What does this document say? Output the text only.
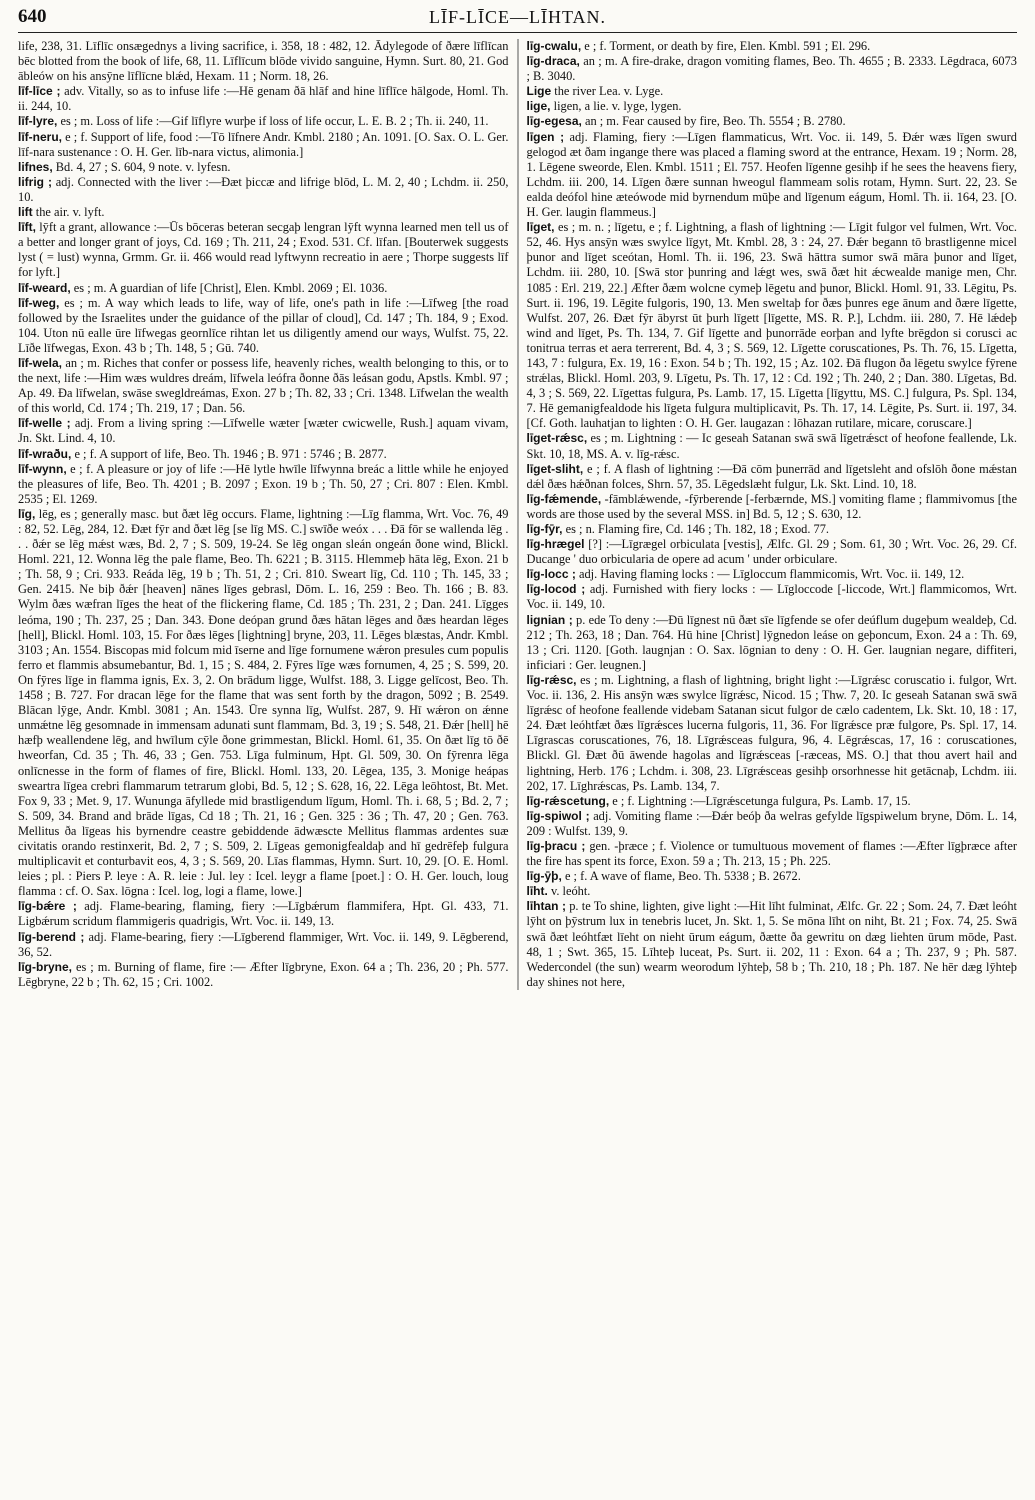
640	LĪF-LĪCE—LĪHTAN.

life, 238, 31. Līflīc onsægednys a living sacrifice, i. 358, 18 : 482, 12. Ādylegode of ðære līflīcan bēc blotted from the book of life, 68, 11. Līflīcum blōde vivido sanguine, Hymn. Surt. 80, 21. God ābleów on his ansȳne līflīcne blǽd, Hexam. 11 ; Norm. 18, 26.

līf-līce ; adv. Vitally, so as to infuse life :—Hē genam ðā hlāf and hine līflīce hālgode, Homl. Th. ii. 244, 10.

līf-lyre, es ; m. Loss of life :—Gif līflyre wurþe if loss of life occur, L. E. B. 2 ; Th. ii. 240, 11.

līf-neru, e ; f. Support of life, food :—Tō līfnere Andr. Kmbl. 2180 ; An. 1091. [O. Sax. O. L. Ger. līf-nara sustenance : O. H. Ger. līb-nara victus, alimonia.]

lifnes, Bd. 4, 27 ; S. 604, 9 note. v. lyfesn.

lifrig ; adj. Connected with the liver :—Ðæt þiccæ and lifrige blōd, L. M. 2, 40 ; Lchdm. ii. 250, 10.

lift the air. v. lyft.

līft, lȳft a grant, allowance :—Ūs bōceras beteran secgaþ lengran lȳft wynna learned men tell us of a better and longer grant of joys, Cd. 169 ; Th. 211, 24 ; Exod. 531. Cf. līfan. [Bouterwek suggests lyst ( = lust) wynna, Grmm. Gr. ii. 466 would read lyftwynn recreatio in aere ; Thorpe suggests līf for lyft.]

līf-weard, es ; m. A guardian of life [Christ], Elen. Kmbl. 2069 ; El. 1036.

līf-weg, es ; m. A way which leads to life, way of life, one's path in life :—Līfweg [the road followed by the Israelites under the guidance of the pillar of cloud], Cd. 147 ; Th. 184, 9 ; Exod. 104. Uton nū ealle ūre līfwegas geornlīce rihtan let us diligently amend our ways, Wulfst. 75, 22. Līðe līfwegas, Exon. 43 b ; Th. 148, 5 ; Gū. 740.

līf-wela, an ; m. Riches that confer or possess life, heavenly riches, wealth belonging to this, or to the next, life :—Him wæs wuldres dreám, līfwela leófra ðonne ðās leásan godu, Apstls. Kmbl. 97 ; Ap. 49. Ða līfwelan, swāse swegldreámas, Exon. 27 b ; Th. 82, 33 ; Cri. 1348. Līfwelan the wealth of this world, Cd. 174 ; Th. 219, 17 ; Dan. 56.

līf-welle ; adj. From a living spring :—Līfwelle wæter [wæter cwicwelle, Rush.] aquam vivam, Jn. Skt. Lind. 4, 10.

līf-wraðu, e ; f. A support of life, Beo. Th. 1946 ; B. 971 : 5746 ; B. 2877.

līf-wynn, e ; f. A pleasure or joy of life :—Hē lytle hwīle līfwynna breác a little while he enjoyed the pleasures of life, Beo. Th. 4201 ; B. 2097 ; Exon. 19 b ; Th. 50, 27 ; Cri. 807 : Elen. Kmbl. 2535 ; El. 1269.

līg, lēg, es ; generally masc. but ðæt lēg occurs. Flame, lightning :—Līg flamma, Wrt. Voc. 76, 49 : 82, 52. Lēg, 284, 12. Ðæt fȳr and ðæt lēg [se līg MS. C.] swīðe weóx . . . Ðā fōr se wallenda lēg . . . ðǽr se lēg mǽst wæs, Bd. 2, 7 ; S. 509, 19-24. Se lēg ongan sleán ongeán ðone wind, Blickl. Homl. 221, 12. Wonna lēg the pale flame, Beo. Th. 6221 ; B. 3115. Hlemmeþ hāta lēg, Exon. 21 b ; Th. 58, 9 ; Cri. 933. Reáda lēg, 19 b ; Th. 51, 2 ; Cri. 810. Sweart līg, Cd. 110 ; Th. 145, 33 ; Gen. 2415. Ne biþ ðǽr [heaven] nānes līges gebrasl, Dōm. L. 16, 259 : Beo. Th. 166 ; B. 83. Wylm ðæs wæfran līges the heat of the flickering flame, Cd. 185 ; Th. 231, 2 ; Dan. 241. Līgges leóma, 190 ; Th. 237, 25 ; Dan. 343. Ðone deópan grund ðæs hātan lēges and ðæs heardan lēges [hell], Blickl. Homl. 103, 15. For ðæs lēges [lightning] bryne, 203, 11. Lēges blæstas, Andr. Kmbl. 3103 ; An. 1554. Biscopas mid folcum mid īserne and līge fornumene wǽron presules cum populis ferro et flammis absumebantur, Bd. 1, 15 ; S. 484, 2. Fȳres līge wæs fornumen, 4, 25 ; S. 599, 20. On fȳres līge in flamma ignis, Ex. 3, 2. On brādum ligge, Wulfst. 188, 3. Ligge gelīcost, Beo. Th. 1458 ; B. 727. For dracan lēge for the flame that was sent forth by the dragon, 5092 ; B. 2549. Blācan lȳge, Andr. Kmbl. 3081 ; An. 1543. Ūre synna līg, Wulfst. 287, 9. Hī wǽron on ǽnne unmǽtne lēg gesomnade in immensam adunati sunt flammam, Bd. 3, 19 ; S. 548, 21. Ðǽr [hell] hē hæfþ weallendene lēg, and hwīlum cȳle ðone grimmestan, Blickl. Homl. 61, 35. On ðæt līg tō ðē hweorfan, Cd. 35 ; Th. 46, 33 ; Gen. 753. Līga fulminum, Hpt. Gl. 509, 30. On fȳrenra lēga onlīcnesse in the form of flames of fire, Blickl. Homl. 133, 20. Lēgea, 135, 3. Monige heápas sweartra līgea crebri flammarum tetrarum globi, Bd. 5, 12 ; S. 628, 16, 22. Lēga leōhtost, Bt. Met. Fox 9, 33 ; Met. 9, 17. Wununga āfyllede mid brastligendum līgum, Homl. Th. i. 68, 5 ; Bd. 2, 7 ; S. 509, 34. Brand and brāde līgas, Cd 18 ; Th. 21, 16 ; Gen. 325 : 36 ; Th. 47, 20 ; Gen. 763. Mellitus ða līgeas his byrnendre ceastre gebiddende ādwæscte Mellitus flammas ardentes suæ civitatis orando restinxerit, Bd. 2, 7 ; S. 509, 2. Līgeas gemonigfealdaþ and hī gedrēfeþ fulgura multiplicavit et conturbavit eos, 4, 3 ; S. 569, 20. Līas flammas, Hymn. Surt. 10, 29. [O. E. Homl. leies ; pl. : Piers P. leye : A. R. leie : Jul. ley : Icel. leygr a flame [poet.] : O. H. Ger. louch, loug flamma : cf. O. Sax. lōgna : Icel. log, logi a flame, lowe.]

līg-bǽre ; adj. Flame-bearing, flaming, fiery :—Līgbǽrum flammifera, Hpt. Gl. 433, 71. Ligbǽrum scridum flammigeris quadrigis, Wrt. Voc. ii. 149, 13.

līg-berend ; adj. Flame-bearing, fiery :—Līgberend flammiger, Wrt. Voc. ii. 149, 9. Lēgberend, 36, 52.

līg-bryne, es ; m. Burning of flame, fire :— Æfter līgbryne, Exon. 64 a ; Th. 236, 20 ; Ph. 577. Lēgbryne, 22 b ; Th. 62, 15 ; Cri. 1002.

līg-cwalu, e ; f. Torment, or death by fire, Elen. Kmbl. 591 ; El. 296.

līg-draca, an ; m. A fire-drake, dragon vomiting flames, Beo. Th. 4655 ; B. 2333. Lēgdraca, 6073 ; B. 3040.

Lige the river Lea. v. Lyge.

lige, ligen, a lie. v. lyge, lygen.

līg-egesa, an ; m. Fear caused by fire, Beo. Th. 5554 ; B. 2780.

līgen ; adj. Flaming, fiery :—Līgen flammaticus, Wrt. Voc. ii. 149, 5. Ðǽr wæs līgen swurd gelogod æt ðam ingange there was placed a flaming sword at the entrance, Hexam. 19 ; Norm. 28, 1. Lēgene sweorde, Elen. Kmbl. 1511 ; El. 757. Heofen līgenne gesihþ if he sees the heavens fiery, Lchdm. iii. 200, 14. Līgen ðære sunnan hweogul flammeam solis rotam, Hymn. Surt. 22, 23. Se ealda deófol hine æteówode mid byrnendum mūþe and līgenum eágum, Homl. Th. ii. 164, 23. [O. H. Ger. laugin flammeus.]

līget, es ; m. n. ; līgetu, e ; f. Lightning, a flash of lightning :— Līgit fulgor vel fulmen, Wrt. Voc. 52, 46. Hys ansȳn wæs swylce līgyt, Mt. Kmbl. 28, 3 : 24, 27. Ðǽr begann tō brastligenne micel þunor and līget sceótan, Homl. Th. ii. 196, 23. Swā hāttra sumor swā māra þunor and līget, Lchdm. iii. 280, 10. [Swā stor þunring and lǽgt wes, swā ðæt hit ǽcwealde manige men, Chr. 1085 : Erl. 219, 22.] Æfter ðæm wolcne cymeþ lēgetu and þunor, Blickl. Homl. 91, 33. Lēgitu, Ps. Surt. ii. 196, 19. Lēgite fulgoris, 190, 13. Men sweltaþ for ðæs þunres ege ānum and ðære līgette, Wulfst. 207, 26. Ðæt fȳr ābyrst ūt þurh līgett [līgette, MS. R. P.], Lchdm. iii. 280, 7. Hē lǽdeþ wind and līget, Ps. Th. 134, 7. Gif līgette and þunorrāde eorþan and lyfte brēgdon si corusci ac tonitrua terras et aera terrerent, Bd. 4, 3 ; S. 569, 12. Līgette coruscationes, Ps. Th. 76, 15. Līgetta, 143, 7 : fulgura, Ex. 19, 16 : Exon. 54 b ; Th. 192, 15 ; Az. 102. Ðā flugon ða lēgetu swylce fȳrene strǽlas, Blickl. Homl. 203, 9. Līgetu, Ps. Th. 17, 12 : Cd. 192 ; Th. 240, 2 ; Dan. 380. Līgetas, Bd. 4, 3 ; S. 569, 22. Līgettas fulgura, Ps. Lamb. 17, 15. Līgetta [līgyttu, MS. C.] fulgura, Ps. Spl. 134, 7. Hē gemanigfealdode his līgeta fulgura multiplicavit, Ps. Th. 17, 14. Lēgite, Ps. Surt. ii. 197, 34. [Cf. Goth. lauhatjan to lighten : O. H. Ger. laugazan : lōhazan rutilare, micare, coruscare.]

līget-rǽsc, es ; m. Lightning : — Ic geseah Satanan swā swā līgetrǽsct of heofone feallende, Lk. Skt. 10, 18, MS. A. v. līg-rǽsc.

līget-sliht, e ; f. A flash of lightning :—Ðā cōm þunerrād and līgetsleht and ofslōh ðone mǽstan dǽl ðæs hǽðnan folces, Shrn. 57, 35. Lēgedslæht fulgur, Lk. Skt. Lind. 10, 18.

līg-fǽmende, -fāmblǽwende, -fȳrberende [-ferbærnde, MS.] vomiting flame ; flammivomus [the words are those used by the several MSS. in] Bd. 5, 12 ; S. 630, 12.

līg-fȳr, es ; n. Flaming fire, Cd. 146 ; Th. 182, 18 ; Exod. 77.

līg-hrægel [?] :—Līgrægel orbiculata [vestis], Ælfc. Gl. 29 ; Som. 61, 30 ; Wrt. Voc. 26, 29. Cf. Ducange ' duo orbicularia de opere ad acum ' under orbiculare.

līg-locc ; adj. Having flaming locks : — Līgloccum flammicomis, Wrt. Voc. ii. 149, 12.

līg-locod ; adj. Furnished with fiery locks : — Līgloccode [-liccode, Wrt.] flammicomos, Wrt. Voc. ii. 149, 10.

lignian ; p. ede To deny :—Ðū līgnest nū ðæt sīe līgfende se ofer deúflum dugeþum wealdeþ, Cd. 212 ; Th. 263, 18 ; Dan. 764. Hū hine [Christ] lȳgnedon leáse on geþoncum, Exon. 24 a : Th. 69, 13 ; Cri. 1120. [Goth. laugnjan : O. Sax. lōgnian to deny : O. H. Ger. laugnian negare, diffiteri, inficiari : Ger. leugnen.]

līg-rǽsc, es ; m. Lightning, a flash of lightning, bright light :—Līgrǽsc coruscatio i. fulgor, Wrt. Voc. ii. 136, 2. His ansȳn wæs swylce līgrǽsc, Nicod. 15 ; Thw. 7, 20. Ic geseah Satanan swā swā līgrǽsc of heofone feallende videbam Satanan sicut fulgor de cælo cadentem, Lk. Skt. 10, 18 : 17, 24. Ðæt leóhtfæt ðæs līgrǽsces lucerna fulgoris, 11, 36. For līgrǽsce præ fulgore, Ps. Spl. 17, 14. Līgrascas coruscationes, 76, 18. Līgrǽsceas fulgura, 96, 4. Lēgrǽscas, 17, 16 : coruscationes, Blickl. Gl. Ðæt ðū āwende hagolas and līgrǽsceas [-ræceas, MS. O.] that thou avert hail and lightning, Herb. 176 ; Lchdm. i. 308, 23. Līgrǽsceas gesihþ orsorhnesse hit getācnaþ, Lchdm. iii. 202, 17. Līghrǽscas, Ps. Lamb. 134, 7.

līg-rǽscetung, e ; f. Lightning :—Līgrǽscetunga fulgura, Ps. Lamb. 17, 15.

līg-spiwol ; adj. Vomiting flame :—Ðǽr beóþ ða welras gefylde līgspiwelum bryne, Dōm. L. 14, 209 : Wulfst. 139, 9.

līg-þracu ; gen. -þræce ; f. Violence or tumultuous movement of flames :—Æfter līgþræce after the fire has spent its force, Exon. 59 a ; Th. 213, 15 ; Ph. 225.

līg-ȳþ, e ; f. A wave of flame, Beo. Th. 5338 ; B. 2672.

līht. v. leóht.

līhtan ; p. te To shine, lighten, give light :—Hit līht fulminat, Ælfc. Gr. 22 ; Som. 24, 7. Ðæt leóht lȳht on þȳstrum lux in tenebris lucet, Jn. Skt. 1, 5. Se mōna līht on niht, Bt. 21 ; Fox. 74, 25. Swā swā ðæt leóhtfæt līeht on nieht ūrum eágum, ðætte ða gewritu on dæg liehten ūrum mōde, Past. 48, 1 ; Swt. 365, 15. Līhteþ luceat, Ps. Surt. ii. 202, 11 : Exon. 64 a ; Th. 237, 9 ; Ph. 587. Wedercondel (the sun) wearm weorodum lȳhteþ, 58 b ; Th. 210, 18 ; Ph. 187. Ne hēr dæg lȳhteþ day shines not here,
